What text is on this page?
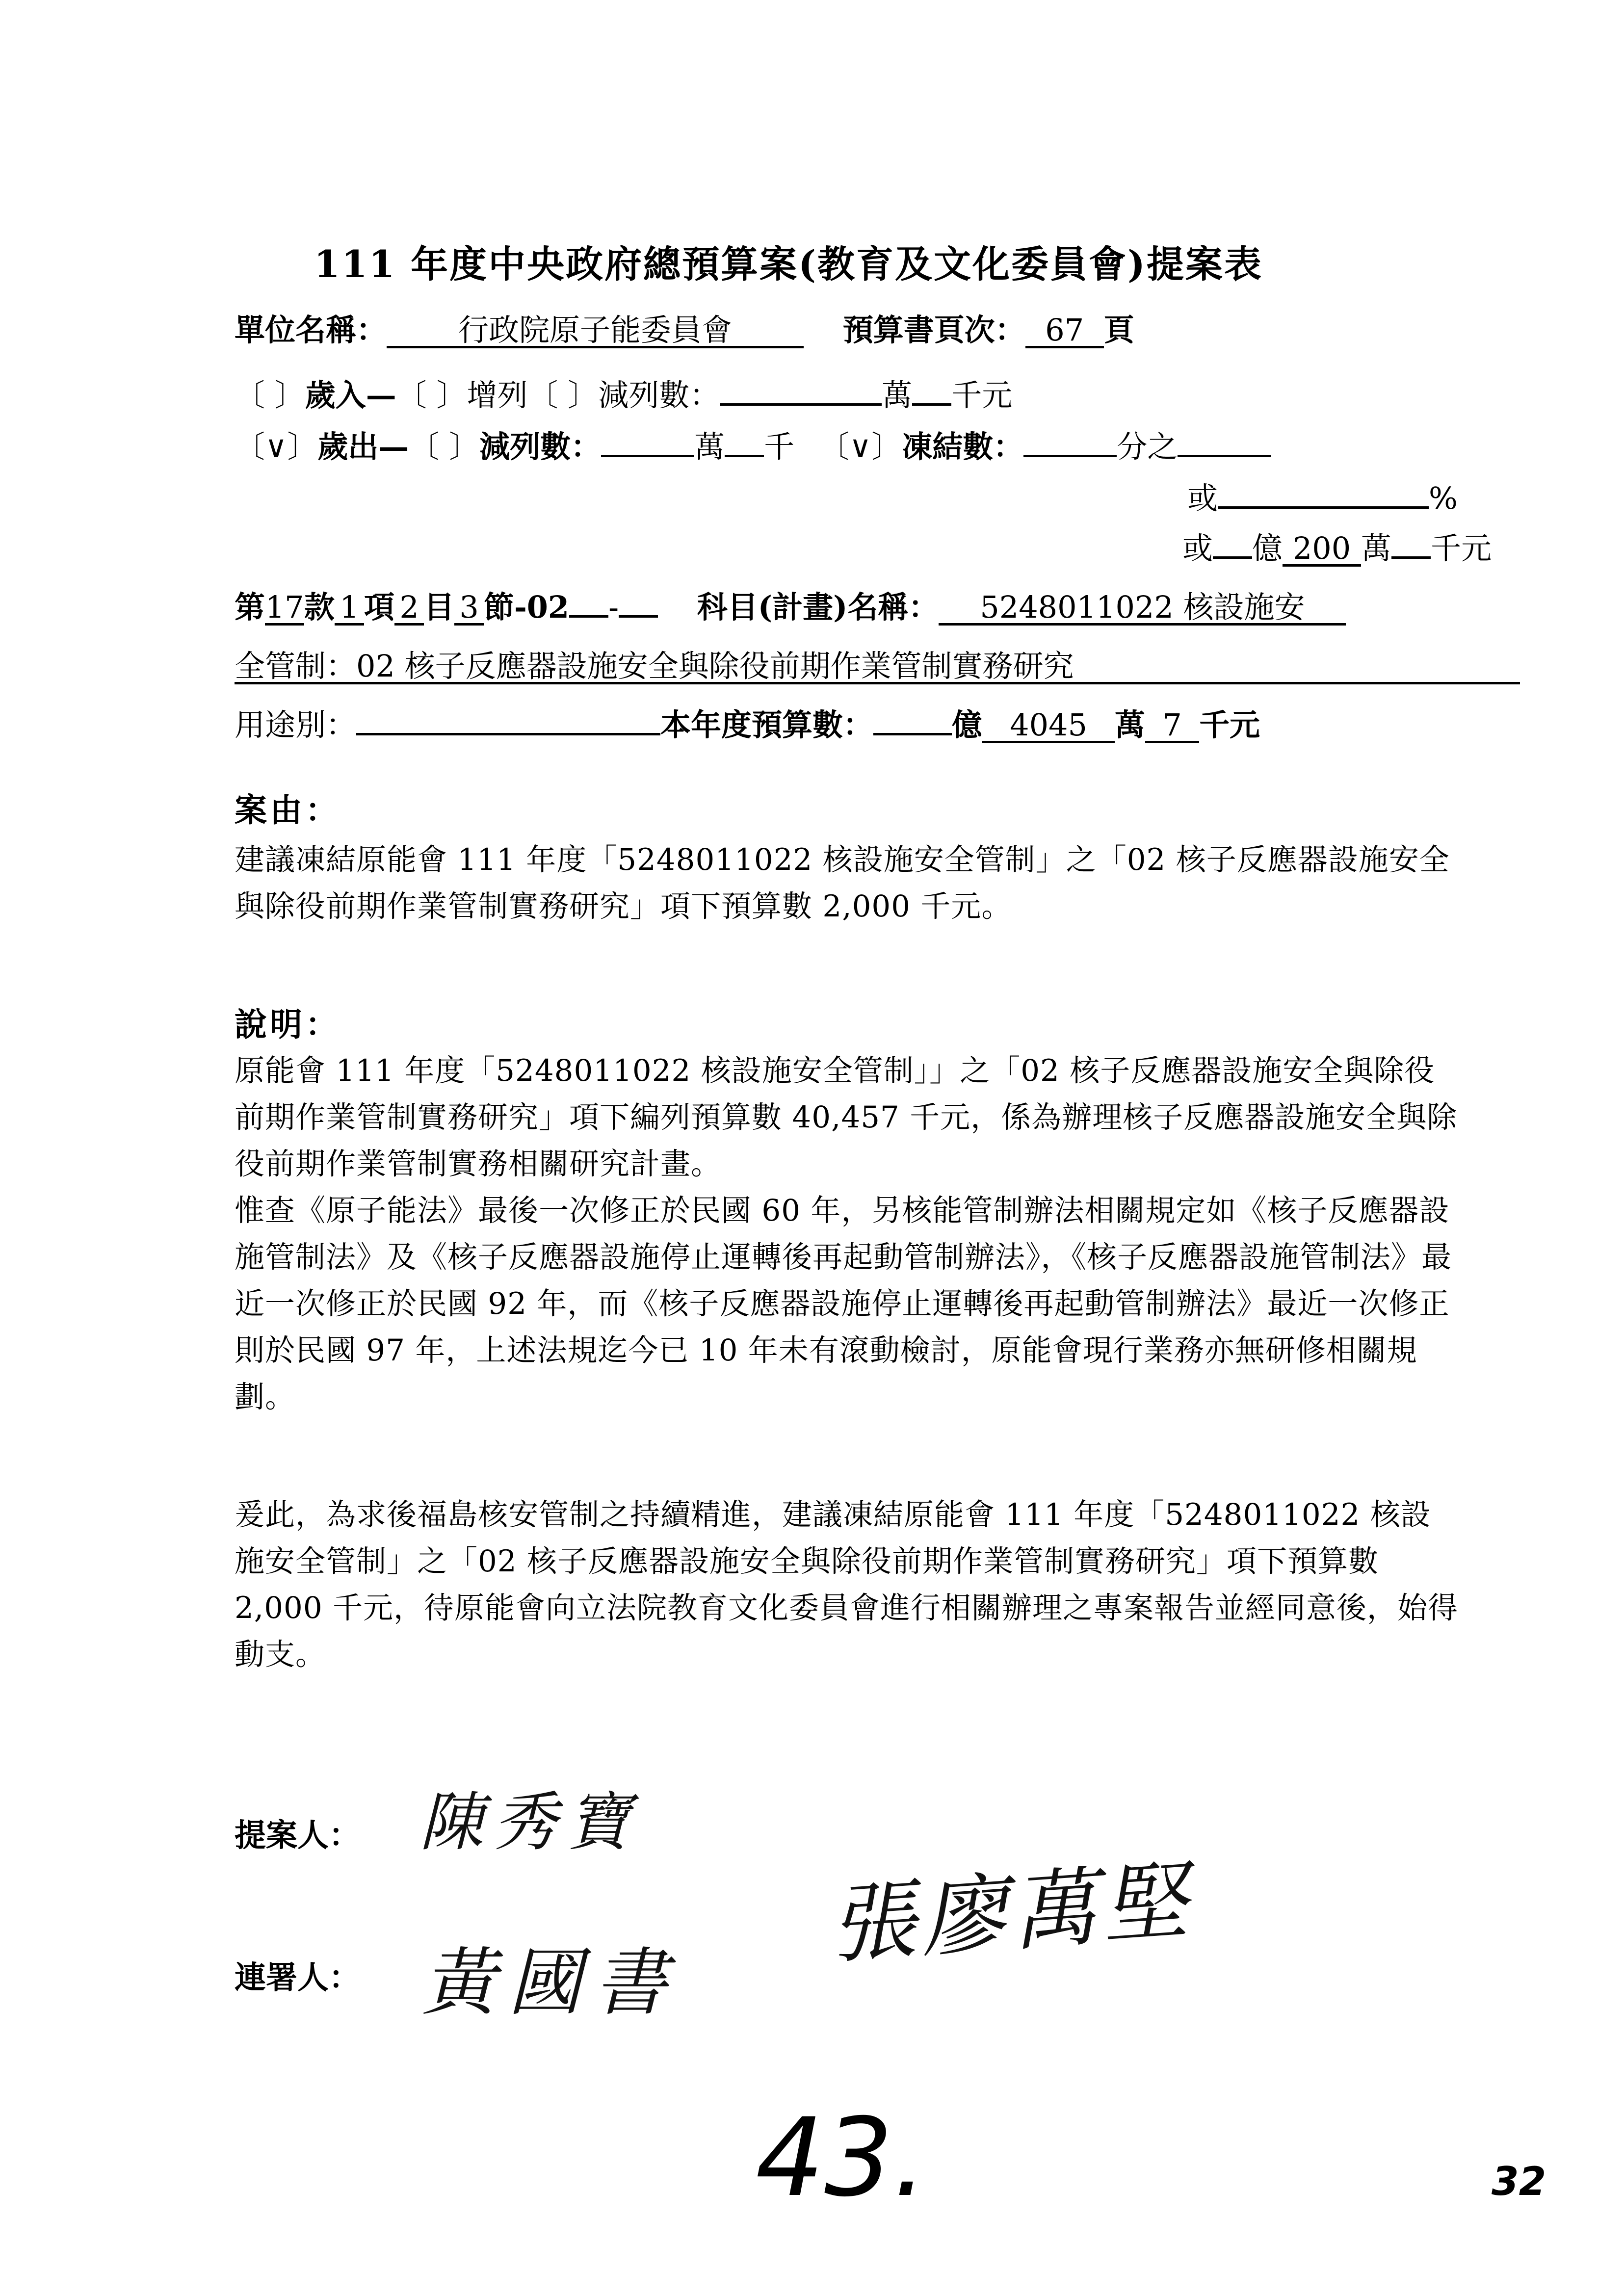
111 年度中央政府總預算案(教育及文化委員會)提案表
單位名稱： 行政院原子能委員會	預算書頁次： 67 頁
〔 〕歲入—〔 〕增列〔 〕減列數：	萬 千元
〔∨〕歲出—〔 〕減列數：	萬 千 〔∨〕凍結數：	分之
或	%
或 億 200 萬 千元
第17款 1 項 2 目 3 節-02 -	科目(計畫)名稱： 5248011022 核設施安
全管制：02 核子反應器設施安全與除役前期作業管制實務研究
用途別：	本年度預算數：	億 4045 萬 7 千元
案由：
建議凍結原能會 111 年度「5248011022 核設施安全管制」之「02 核子反應器設施安全與除役前期作業管制實務研究」項下預算數 2,000 千元。
說明：
原能會 111 年度「5248011022 核設施安全管制」」之「02 核子反應器設施安全與除役前期作業管制實務研究」項下編列預算數 40,457 千元，係為辦理核子反應器設施安全與除役前期作業管制實務相關研究計畫。
惟查《原子能法》最後一次修正於民國 60 年，另核能管制辦法相關規定如《核子反應器設施管制法》及《核子反應器設施停止運轉後再起動管制辦法》，《核子反應器設施管制法》最近一次修正於民國 92 年，而《核子反應器設施停止運轉後再起動管制辦法》最近一次修正則於民國 97 年，上述法規迄今已 10 年未有滾動檢討，原能會現行業務亦無研修相關規劃。
爰此，為求後福島核安管制之持續精進，建議凍結原能會 111 年度「5248011022 核設施安全管制」之「02 核子反應器設施安全與除役前期作業管制實務研究」項下預算數 2,000 千元，待原能會向立法院教育文化委員會進行相關辦理之專案報告並經同意後，始得動支。
提案人： 陳秀寶
連署人： 黃國書
張廖萬堅
43.	32
